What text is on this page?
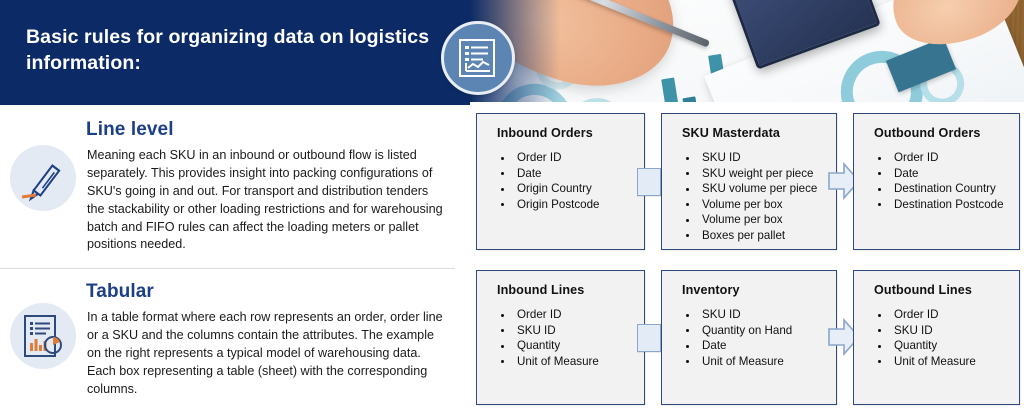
Basic rules for organizing data on logistics information:
Line level
Meaning each SKU in an inbound or outbound flow is listed separately. This provides insight into packing configurations of SKU's going in and out. For transport and distribution tenders the stackability or other loading restrictions and for warehousing batch and FIFO rules can affect the loading meters or pallet positions needed.
Tabular
In a table format where each row represents an order, order line or a SKU and the columns contain the attributes. The example on the right represents a typical model of warehousing data. Each box representing a table (sheet) with the corresponding columns.
Inbound Orders
Order ID
Date
Origin Country
Origin Postcode
SKU Masterdata
SKU ID
SKU weight per piece
SKU volume per piece
Volume per box
Volume per box
Boxes per pallet
Outbound Orders
Order ID
Date
Destination Country
Destination Postcode
Inbound Lines
Order ID
SKU ID
Quantity
Unit of Measure
Inventory
SKU ID
Quantity on Hand
Date
Unit of Measure
Outbound Lines
Order ID
SKU ID
Quantity
Unit of Measure
